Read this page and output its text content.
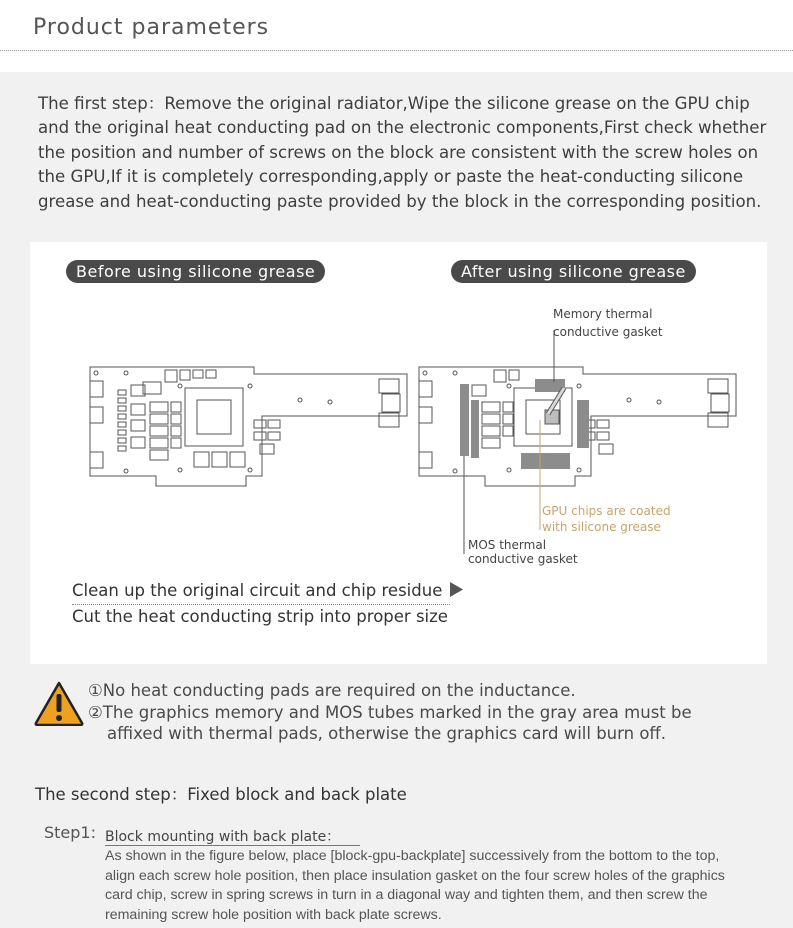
Product parameters
The first step：Remove the original radiator,Wipe the silicone grease on the GPU chip and the original heat conducting pad on the electronic components,First check whether the position and number of screws on the block are consistent with the screw holes on the GPU,If it is completely corresponding,apply or paste the heat-conducting silicone grease and heat-conducting paste provided by the block in the corresponding position.
Before using silicone grease	After using silicone grease
Memory thermal
conductive gasket
GPU chips are coated
with silicone grease
MOS thermal
conductive gasket
Clean up the original circuit and chip residue
Cut the heat conducting strip into proper size
①No heat conducting pads are required on the inductance.
②The graphics memory and MOS tubes marked in the gray area must be
affixed with thermal pads, otherwise the graphics card will burn off.
The second step：Fixed block and back plate
Step1: Block mounting with back plate：
As shown in the figure below, place [block-gpu-backplate] successively from the bottom to the top, align each screw hole position, then place insulation gasket on the four screw holes of the graphics card chip, screw in spring screws in turn in a diagonal way and tighten them, and then screw the remaining screw hole position with back plate screws.
